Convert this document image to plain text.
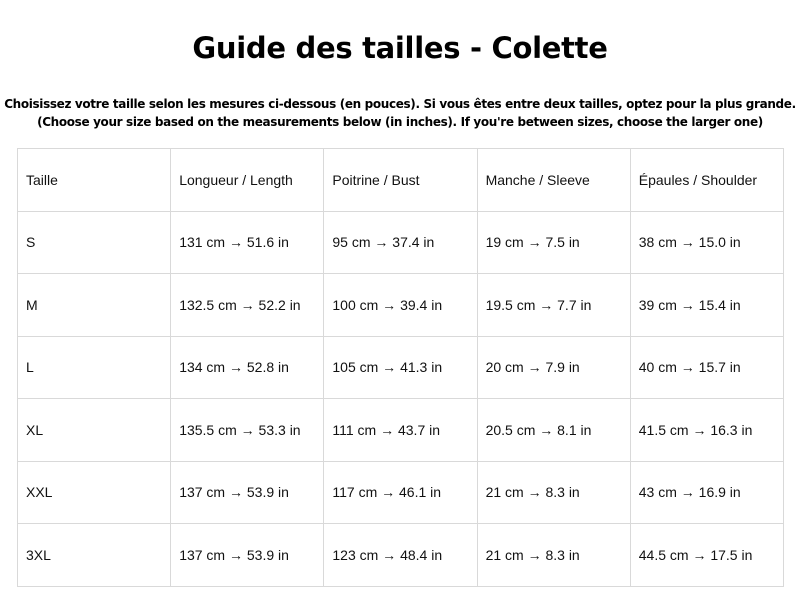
Guide des tailles - Colette

Choisissez votre taille selon les mesures ci-dessous (en pouces). Si vous êtes entre deux tailles, optez pour la plus grande.

(Choose your size based on the measurements below (in inches). If you're between sizes, choose the larger one)

Taille	Longueur / Length	Poitrine / Bust	Manche / Sleeve	Épaules / Shoulder
S	131 cm → 51.6 in	95 cm → 37.4 in	19 cm → 7.5 in	38 cm → 15.0 in
M	132.5 cm → 52.2 in	100 cm → 39.4 in	19.5 cm → 7.7 in	39 cm → 15.4 in
L	134 cm → 52.8 in	105 cm → 41.3 in	20 cm → 7.9 in	40 cm → 15.7 in
XL	135.5 cm → 53.3 in	111 cm → 43.7 in	20.5 cm → 8.1 in	41.5 cm → 16.3 in
XXL	137 cm → 53.9 in	117 cm → 46.1 in	21 cm → 8.3 in	43 cm → 16.9 in
3XL	137 cm → 53.9 in	123 cm → 48.4 in	21 cm → 8.3 in	44.5 cm → 17.5 in
